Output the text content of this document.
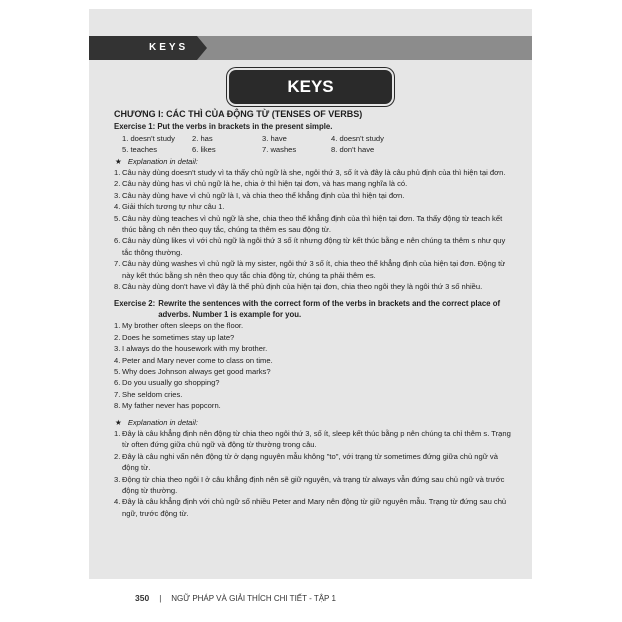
KEYS
KEYS
CHƯƠNG I: CÁC THÌ CỦA ĐỘNG TỪ (TENSES OF VERBS)
Exercise 1: Put the verbs in brackets in the present simple.
1. doesn't study	2. has	3. have	4. doesn't study
5. teaches	6. likes	7. washes	8. don't have
★ Explanation in detail:
1. Câu này dùng doesn't study vì ta thấy chủ ngữ là she, ngôi thứ 3, số ít và đây là câu phủ định của thì hiện tại đơn.
2. Câu này dùng has vì chủ ngữ là he, chia ở thì hiện tại đơn, và has mang nghĩa là có.
3. Câu này dùng have vì chủ ngữ là I, và chia theo thể khẳng định của thì hiện tại đơn.
4. Giải thích tương tự như câu 1.
5. Câu này dùng teaches vì chủ ngữ là she, chia theo thể khẳng định của thì hiện tại đơn. Ta thấy động từ teach kết thúc bằng ch nên theo quy tắc, chúng ta thêm es sau động từ.
6. Câu này dùng likes vì với chủ ngữ là ngôi thứ 3 số ít nhưng động từ kết thúc bằng e nên chúng ta thêm s như quy tắc thông thường.
7. Câu này dùng washes vì chủ ngữ là my sister, ngôi thứ 3 số ít, chia theo thể khẳng định của hiện tại đơn. Động từ này kết thúc bằng sh nên theo quy tắc chia động từ, chúng ta phải thêm es.
8. Câu này dùng don't have vì đây là thể phủ định của hiện tại đơn, chia theo ngôi they là ngôi thứ 3 số nhiều.
Exercise 2: Rewrite the sentences with the correct form of the verbs in brackets and the correct place of adverbs. Number 1 is example for you.
1. My brother often sleeps on the floor.
2. Does he sometimes stay up late?
3. I always do the housework with my brother.
4. Peter and Mary never come to class on time.
5. Why does Johnson always get good marks?
6. Do you usually go shopping?
7. She seldom cries.
8. My father never has popcorn.
★ Explanation in detail:
1. Đây là câu khẳng định nên động từ chia theo ngôi thứ 3, số ít, sleep kết thúc bằng p nên chúng ta chỉ thêm s. Trạng từ often đứng giữa chủ ngữ và động từ thường trong câu.
2. Đây là câu nghi vấn nên động từ ở dạng nguyên mẫu không "to", với trạng từ sometimes đứng giữa chủ ngữ và động từ.
3. Động từ chia theo ngôi I ở câu khẳng định nên sẽ giữ nguyên, và trạng từ always vẫn đứng sau chủ ngữ và trước động từ thường.
4. Đây là câu khẳng định với chủ ngữ số nhiều Peter and Mary nên động từ giữ nguyên mẫu. Trạng từ đứng sau chủ ngữ, trước động từ.
350 | NGỮ PHÁP VÀ GIẢI THÍCH CHI TIẾT - TẬP 1
